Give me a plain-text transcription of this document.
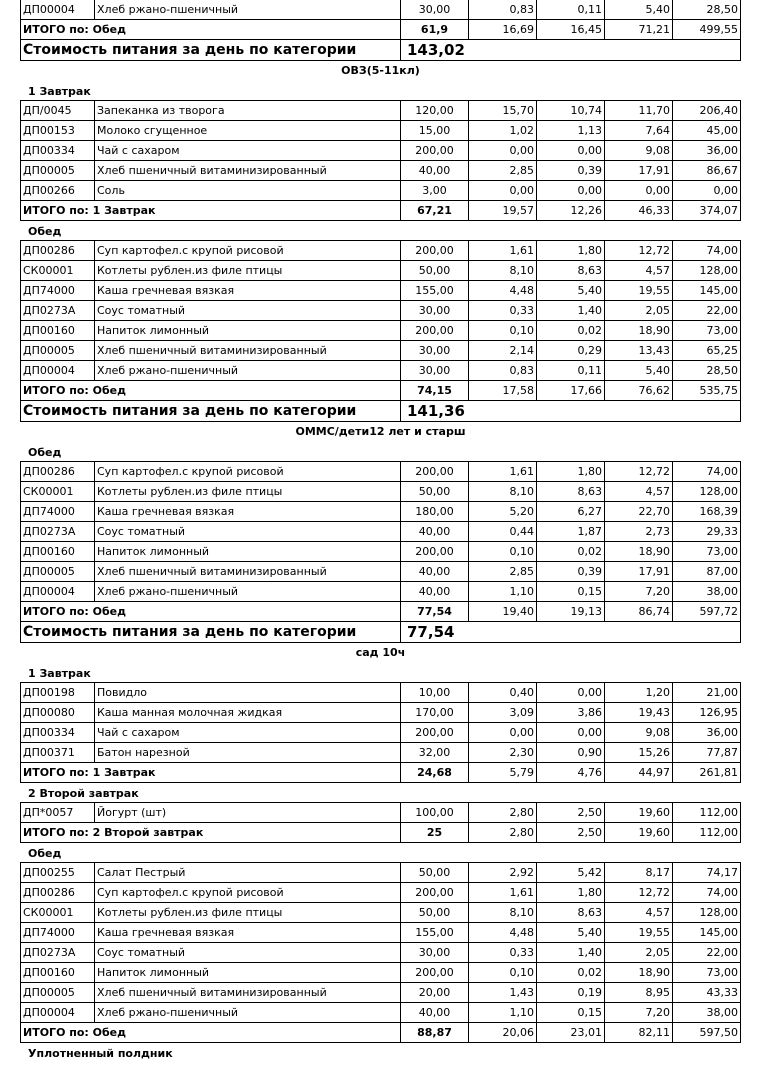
ДП00004	Хлеб ржано-пшеничный	30,00	0,83	0,11	5,40	28,50
ИТОГО по: Обед		61,9	16,69	16,45	71,21	499,55
Стоимость питания за день по категории		143,02				
ОВЗ(5-11кл)
1 Завтрак
ДП/0045	Запеканка из творога	120,00	15,70	10,74	11,70	206,40
ДП00153	Молоко сгущенное	15,00	1,02	1,13	7,64	45,00
ДП00334	Чай с сахаром	200,00	0,00	0,00	9,08	36,00
ДП00005	Хлеб пшеничный витаминизированный	40,00	2,85	0,39	17,91	86,67
ДП00266	Соль	3,00	0,00	0,00	0,00	0,00
ИТОГО по: 1 Завтрак		67,21	19,57	12,26	46,33	374,07
Обед
ДП00286	Суп картофел.с крупой рисовой	200,00	1,61	1,80	12,72	74,00
СК00001	Котлеты рублен.из филе птицы	50,00	8,10	8,63	4,57	128,00
ДП74000	Каша гречневая вязкая	155,00	4,48	5,40	19,55	145,00
ДП0273А	Соус томатный	30,00	0,33	1,40	2,05	22,00
ДП00160	Напиток лимонный	200,00	0,10	0,02	18,90	73,00
ДП00005	Хлеб пшеничный витаминизированный	30,00	2,14	0,29	13,43	65,25
ДП00004	Хлеб ржано-пшеничный	30,00	0,83	0,11	5,40	28,50
ИТОГО по: Обед		74,15	17,58	17,66	76,62	535,75
Стоимость питания за день по категории		141,36				
ОММС/дети12 лет и старш
Обед
ДП00286	Суп картофел.с крупой рисовой	200,00	1,61	1,80	12,72	74,00
СК00001	Котлеты рублен.из филе птицы	50,00	8,10	8,63	4,57	128,00
ДП74000	Каша гречневая вязкая	180,00	5,20	6,27	22,70	168,39
ДП0273А	Соус томатный	40,00	0,44	1,87	2,73	29,33
ДП00160	Напиток лимонный	200,00	0,10	0,02	18,90	73,00
ДП00005	Хлеб пшеничный витаминизированный	40,00	2,85	0,39	17,91	87,00
ДП00004	Хлеб ржано-пшеничный	40,00	1,10	0,15	7,20	38,00
ИТОГО по: Обед		77,54	19,40	19,13	86,74	597,72
Стоимость питания за день по категории		77,54				
сад 10ч
1 Завтрак
ДП00198	Повидло	10,00	0,40	0,00	1,20	21,00
ДП00080	Каша манная молочная жидкая	170,00	3,09	3,86	19,43	126,95
ДП00334	Чай с сахаром	200,00	0,00	0,00	9,08	36,00
ДП00371	Батон нарезной	32,00	2,30	0,90	15,26	77,87
ИТОГО по: 1 Завтрак		24,68	5,79	4,76	44,97	261,81
2 Второй завтрак
ДП*0057	Йогурт (шт)	100,00	2,80	2,50	19,60	112,00
ИТОГО по: 2 Второй завтрак		25	2,80	2,50	19,60	112,00
Обед
ДП00255	Салат Пестрый	50,00	2,92	5,42	8,17	74,17
ДП00286	Суп картофел.с крупой рисовой	200,00	1,61	1,80	12,72	74,00
СК00001	Котлеты рублен.из филе птицы	50,00	8,10	8,63	4,57	128,00
ДП74000	Каша гречневая вязкая	155,00	4,48	5,40	19,55	145,00
ДП0273А	Соус томатный	30,00	0,33	1,40	2,05	22,00
ДП00160	Напиток лимонный	200,00	0,10	0,02	18,90	73,00
ДП00005	Хлеб пшеничный витаминизированный	20,00	1,43	0,19	8,95	43,33
ДП00004	Хлеб ржано-пшеничный	40,00	1,10	0,15	7,20	38,00
ИТОГО по: Обед		88,87	20,06	23,01	82,11	597,50
Уплотненный полдник
